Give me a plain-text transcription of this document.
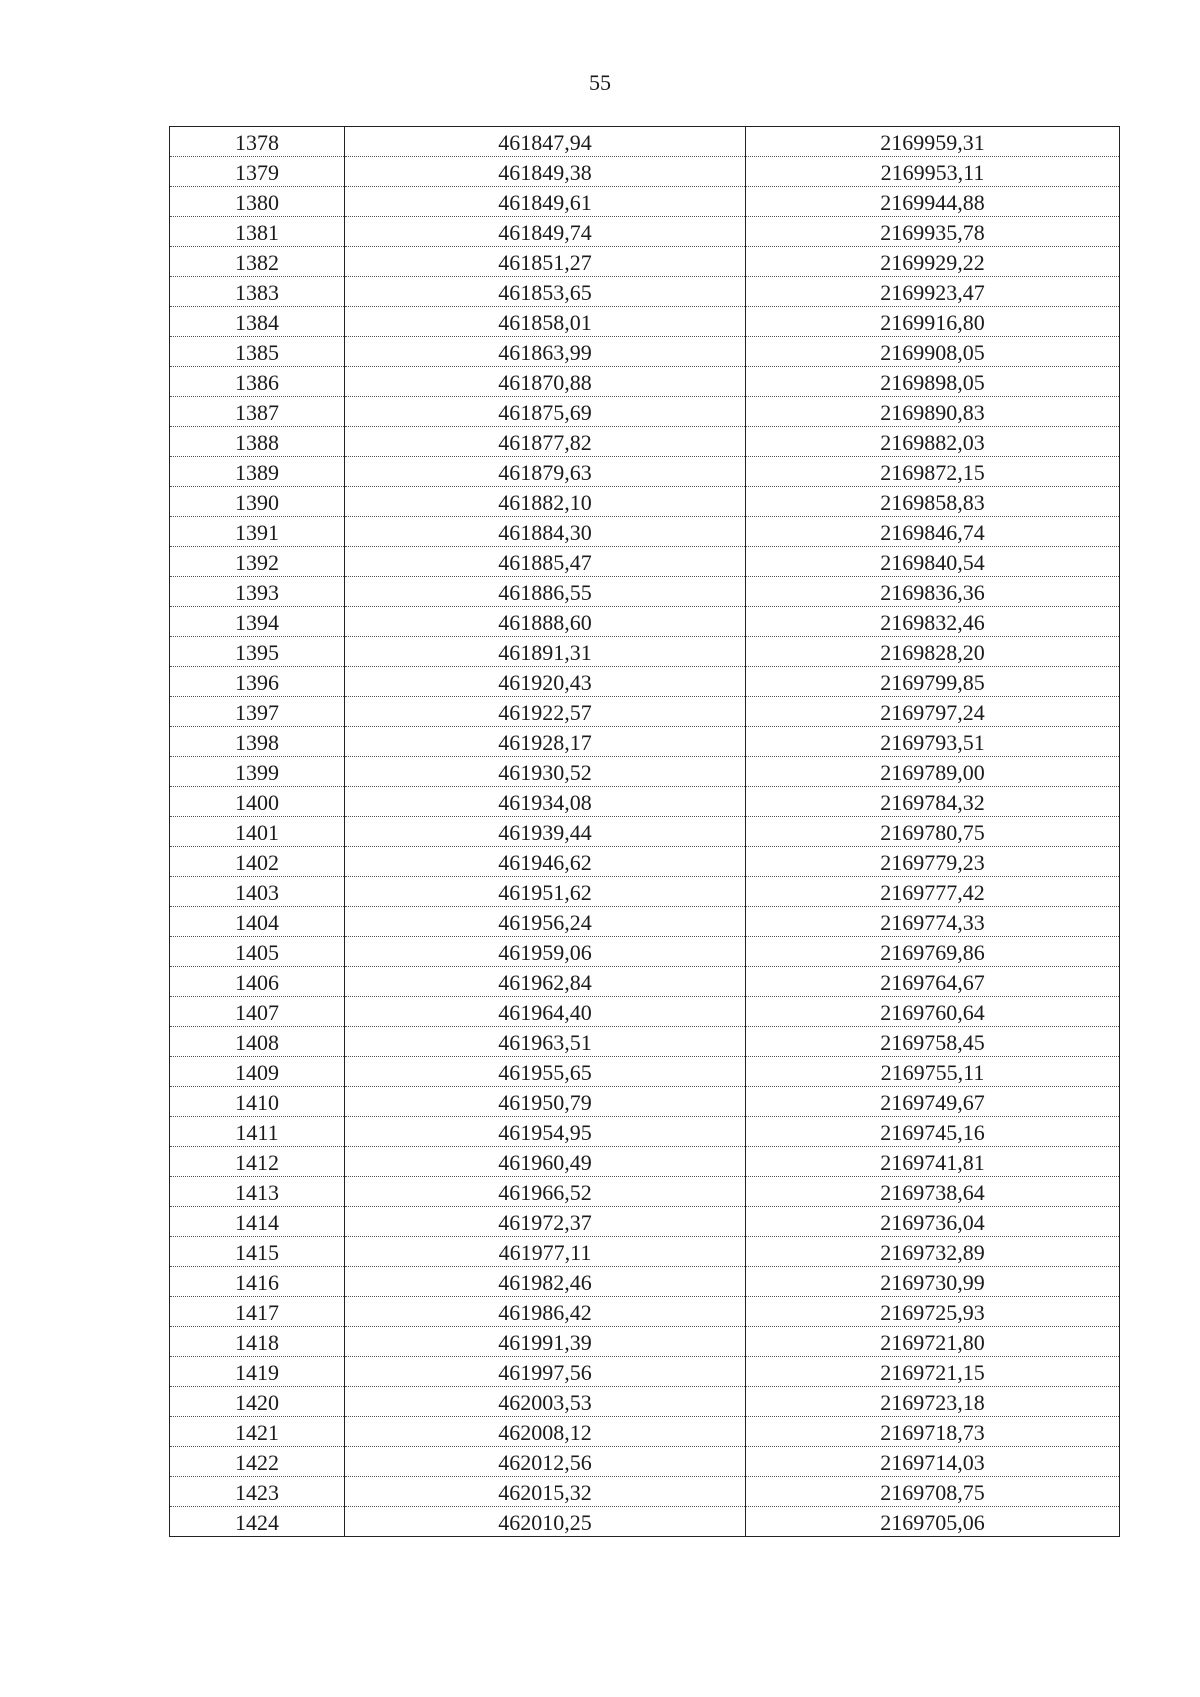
55
1378	461847,94	2169959,31
1379	461849,38	2169953,11
1380	461849,61	2169944,88
1381	461849,74	2169935,78
1382	461851,27	2169929,22
1383	461853,65	2169923,47
1384	461858,01	2169916,80
1385	461863,99	2169908,05
1386	461870,88	2169898,05
1387	461875,69	2169890,83
1388	461877,82	2169882,03
1389	461879,63	2169872,15
1390	461882,10	2169858,83
1391	461884,30	2169846,74
1392	461885,47	2169840,54
1393	461886,55	2169836,36
1394	461888,60	2169832,46
1395	461891,31	2169828,20
1396	461920,43	2169799,85
1397	461922,57	2169797,24
1398	461928,17	2169793,51
1399	461930,52	2169789,00
1400	461934,08	2169784,32
1401	461939,44	2169780,75
1402	461946,62	2169779,23
1403	461951,62	2169777,42
1404	461956,24	2169774,33
1405	461959,06	2169769,86
1406	461962,84	2169764,67
1407	461964,40	2169760,64
1408	461963,51	2169758,45
1409	461955,65	2169755,11
1410	461950,79	2169749,67
1411	461954,95	2169745,16
1412	461960,49	2169741,81
1413	461966,52	2169738,64
1414	461972,37	2169736,04
1415	461977,11	2169732,89
1416	461982,46	2169730,99
1417	461986,42	2169725,93
1418	461991,39	2169721,80
1419	461997,56	2169721,15
1420	462003,53	2169723,18
1421	462008,12	2169718,73
1422	462012,56	2169714,03
1423	462015,32	2169708,75
1424	462010,25	2169705,06
